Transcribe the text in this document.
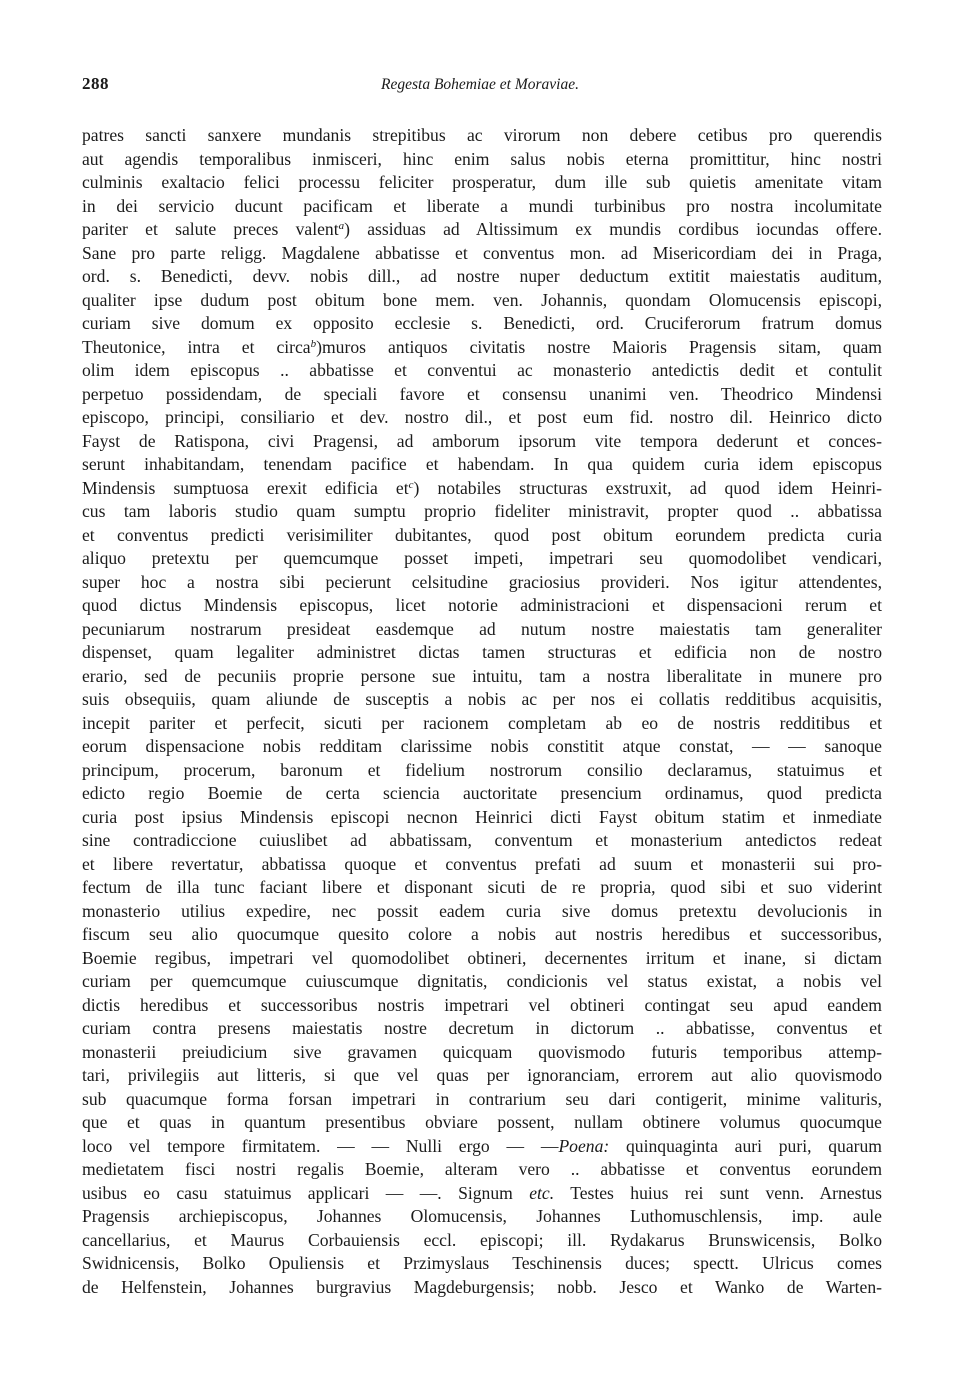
288	Regesta Bohemiae et Moraviae.
patres sancti sanxere mundanis strepitibus ac virorum non debere cetibus pro querendis
aut agendis temporalibus inmisceri, hinc enim salus nobis eterna promittitur, hinc nostri
culminis exaltacio felici processu feliciter prosperatur, dum ille sub quietis amenitate vitam
in dei servicio ducunt pacificam et liberate a mundi turbinibus pro nostra incolumitate
pariter et salute preces valent$^a$) assiduas ad Altissimum ex mundis cordibus iocundas offere.
Sane pro parte religg. Magdalene abbatisse et conventus mon. ad Misericordiam dei in Praga,
ord. s. Benedicti, devv. nobis dill., ad nostre nuper deductum extitit maiestatis auditum,
qualiter ipse dudum post obitum bone mem. ven. Johannis, quondam Olomucensis episcopi,
curiam sive domum ex opposito ecclesie s. Benedicti, ord. Cruciferorum fratrum domus
Theutonice, intra et circa$^b$)muros antiquos civitatis nostre Maioris Pragensis sitam, quam
olim idem episcopus .. abbatisse et conventui ac monasterio antedictis dedit et contulit
perpetuo possidendam, de speciali favore et consensu unanimi ven. Theodrico Mindensi
episcopo, principi, consiliario et dev. nostro dil., et post eum fid. nostro dil. Heinrico dicto
Fayst de Ratispona, civi Pragensi, ad amborum ipsorum vite tempora dederunt et conces-
serunt inhabitandam, tenendam pacifice et habendam. In qua quidem curia idem episcopus
Mindensis sumptuosa erexit edificia $et^c$) notabiles structuras exstruxit, ad quod idem Heinri-
cus tam laboris studio quam sumptu proprio fideliter ministravit, propter quod .. abbatissa
et conventus predicti verisimiliter dubitantes, quod post obitum eorundem predicta curia
aliquo pretextu per quemcumque posset impeti, impetrari seu quomodolibet vendicari,
super hoc a nostra sibi pecierunt celsitudine graciosius provideri. Nos igitur attendentes,
quod dictus Mindensis episcopus, licet notorie administracioni et dispensacioni rerum et
pecuniarum nostrarum presideat easdemque ad nutum nostre maiestatis tam generaliter
dispenset, quam legaliter administret dictas tamen structuras et edificia non de nostro
erario, sed de pecuniis proprie persone sue intuitu, tam a nostra liberalitate in munere pro
suis obsequiis, quam aliunde de susceptis a nobis ac per nos ei collatis redditibus acquisitis,
incepit pariter et perfecit, sicuti per racionem completam ab eo de nostris redditibus et
eorum dispensacione nobis redditam clarissime nobis constitit atque constat, — — sanoque
principum, procerum, baronum et fidelium nostrorum consilio declaramus, statuimus et
edicto regio Boemie de certa sciencia auctoritate presencium ordinamus, quod predicta
curia post ipsius Mindensis episcopi necnon Heinrici dicti Fayst obitum statim et inmediate
sine contradiccione cuiuslibet ad abbatissam, conventum et monasterium antedictos redeat
et libere revertatur, abbatissa quoque et conventus prefati ad suum et monasterii sui pro-
fectum de illa tunc faciant libere et disponant sicuti de re propria, quod sibi et suo viderint
monasterio utilius expedire, nec possit eadem curia sive domus pretextu devolucionis in
fiscum seu alio quocumque quesito colore a nobis aut nostris heredibus et successoribus,
Boemie regibus, impetrari vel quomodolibet obtineri, decernentes irritum et inane, si dictam
curiam per quemcumque cuiuscumque dignitatis, condicionis vel status existat, a nobis vel
dictis heredibus et successoribus nostris impetrari vel obtineri contingat seu apud eandem
curiam contra presens maiestatis nostre decretum in dictorum .. abbatisse, conventus et
monasterii preiudicium sive gravamen quicquam quovismodo futuris temporibus attemp-
tari, privilegiis aut litteris, si que vel quas per ignoranciam, errorem aut alio quovismodo
sub quacumque forma forsan impetrari in contrarium seu dari contigerit, minime valituris,
que et quas in quantum presentibus obviare possent, nullam obtinere volumus quocumque
loco vel tempore firmitatem. — — Nulli ergo — —Poena: quinquaginta auri puri, quarum
medietatem fisci nostri regalis Boemie, alteram vero .. abbatisse et conventus eorundem
usibus eo casu statuimus applicari — —. Signum etc. Testes huius rei sunt venn. Arnestus
Pragensis archiepiscopus, Johannes Olomucensis, Johannes Luthomuschlensis, imp. aule
cancellarius, et Maurus Corbauiensis eccl. episcopi; ill. Rydakarus Brunswicensis, Bolko
Swidnicensis, Bolko Opuliensis et Przimyslaus Teschinensis duces; spectt. Ulricus comes
de Helfenstein, Johannes burgravius Magdeburgensis; nobb. Jesco et Wanko de Warten-
